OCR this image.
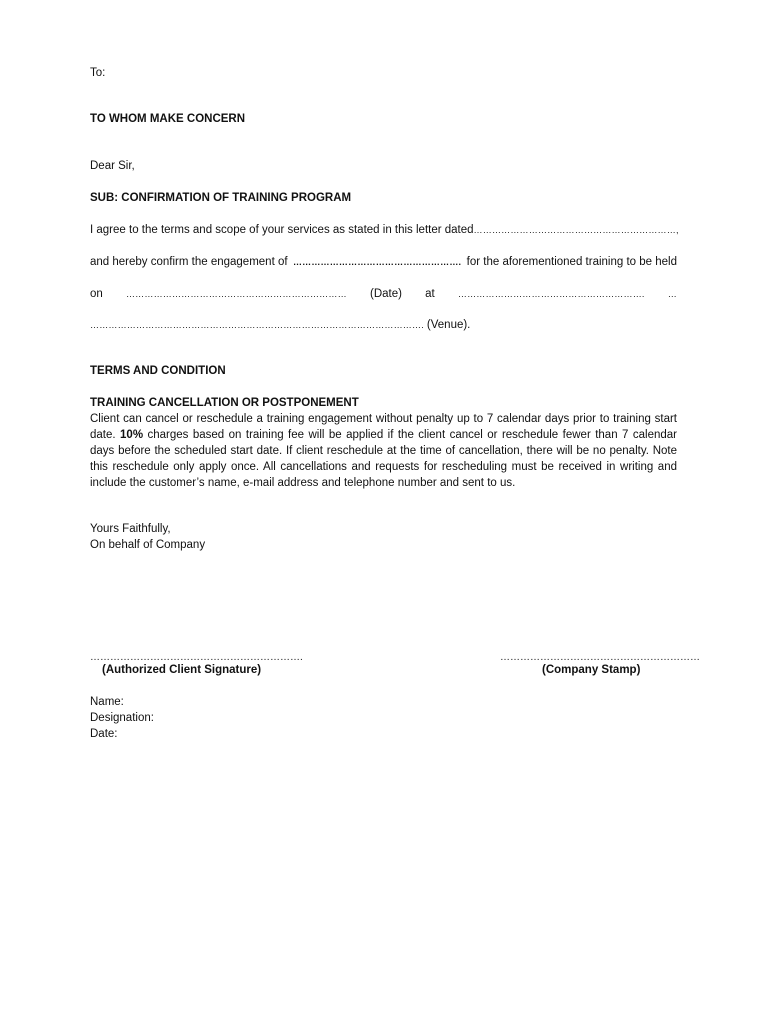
To:
TO WHOM MAKE CONCERN
Dear Sir,
SUB: CONFIRMATION OF TRAINING PROGRAM
I agree to the terms and scope of your services as stated in this letter dated …………………………………………………………,
and hereby confirm the engagement of ………………………………………………. for the aforementioned training to be held
on	……………………………………………………………… (Date) at	…………………………………………………….	…
………………………………………………………………………………………………. (Venue).
TERMS AND CONDITION
TRAINING CANCELLATION OR POSTPONEMENT
Client can cancel or reschedule a training engagement without penalty up to 7 calendar days prior to training start date. 10% charges based on training fee will be applied if the client cancel or reschedule fewer than 7 calendar days before the scheduled start date. If client reschedule at the time of cancellation, there will be no penalty. Note this reschedule only apply once. All cancellations and requests for rescheduling must be received in writing and include the customer’s name, e-mail address and telephone number and sent to us.
Yours Faithfully,
On behalf of Company
……………………………………………………….
(Authorized Client Signature)
……………………………………………………
(Company Stamp)
Name:
Designation:
Date:
